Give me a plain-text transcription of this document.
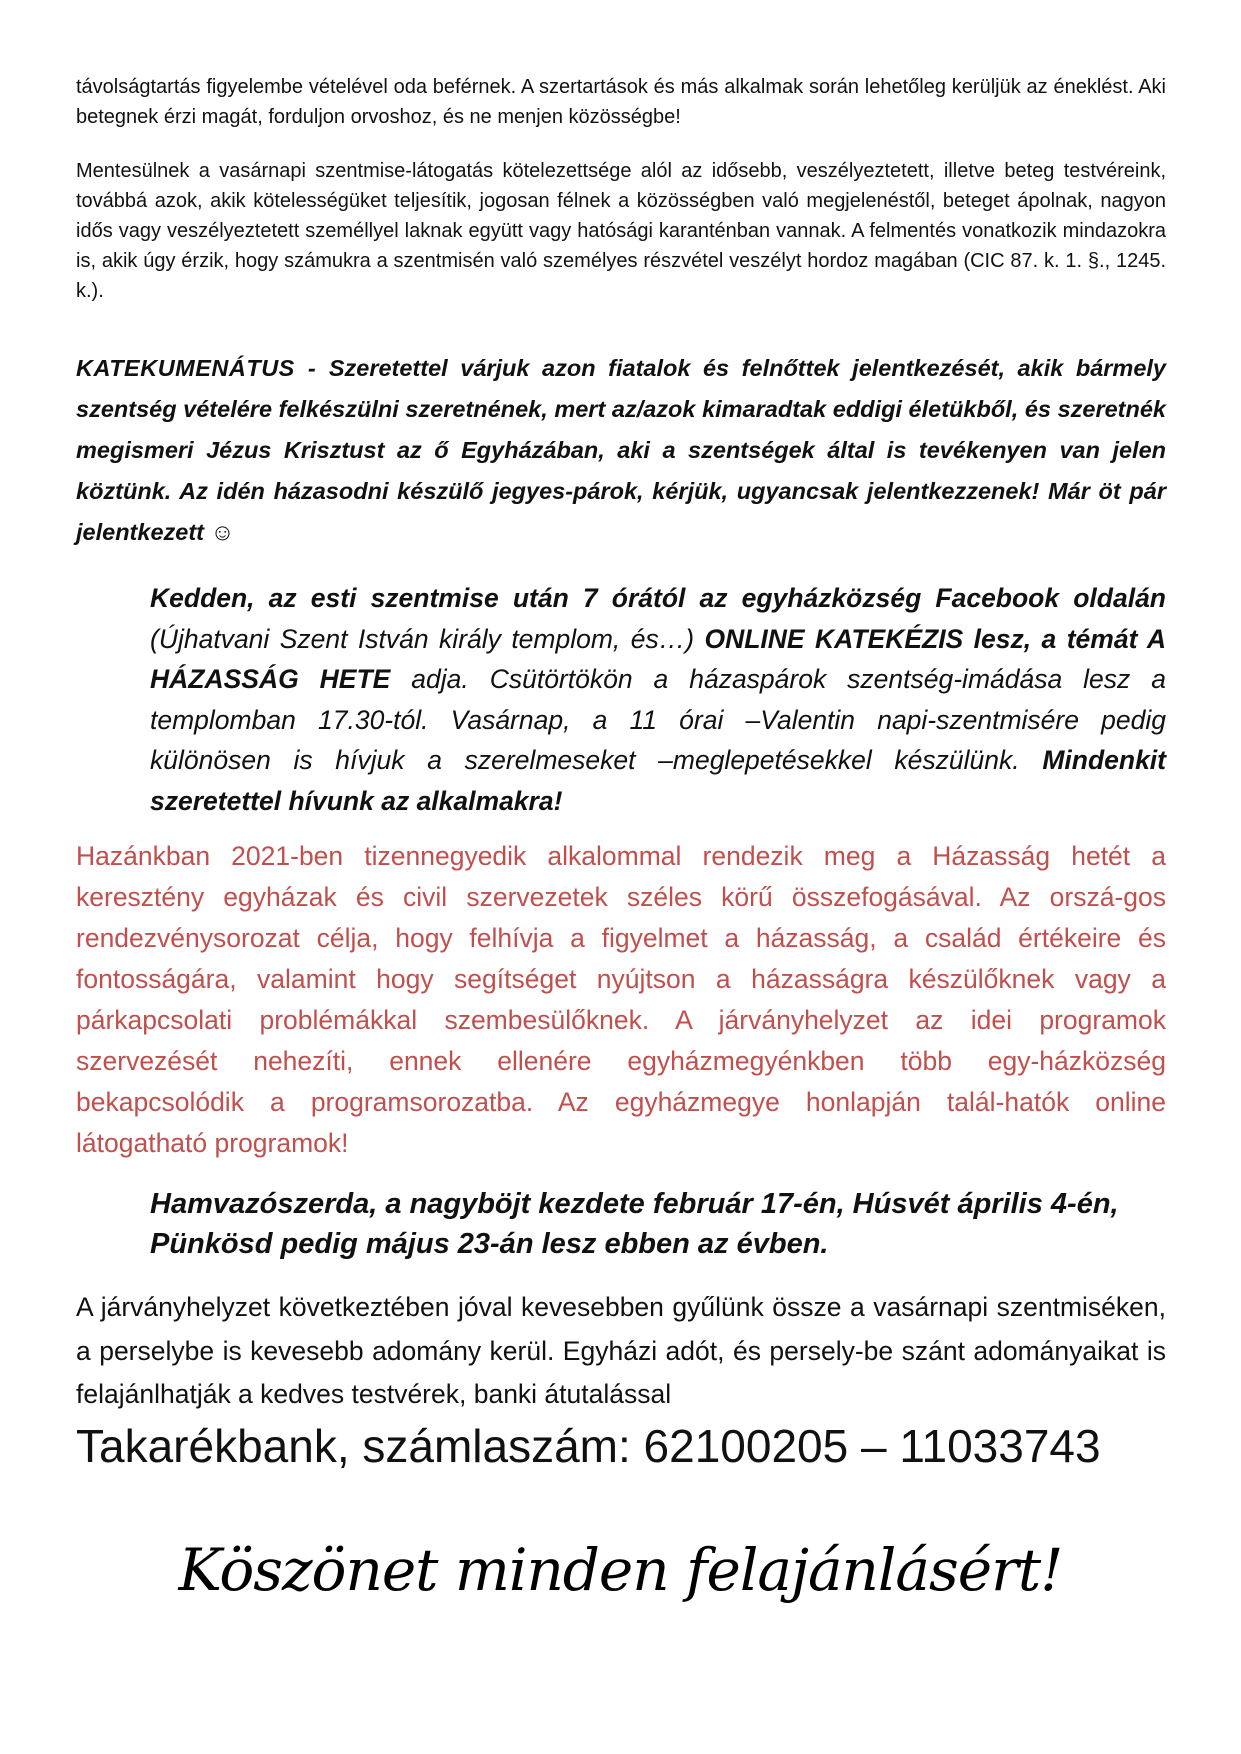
távolságtartás figyelembe vételével oda beférnek. A szertartások és más alkalmak során lehetőleg kerüljük az éneklést. Aki betegnek érzi magát, forduljon orvoshoz, és ne menjen közösségbe!

Mentesülnek a vasárnapi szentmise-látogatás kötelezettsége alól az idősebb, veszélyeztetett, illetve beteg testvéreink, továbbá azok, akik kötelességüket teljesítik, jogosan félnek a közösségben való megjelenéstől, beteget ápolnak, nagyon idős vagy veszélyeztetett személlyel laknak együtt vagy hatósági karanténban vannak. A felmentés vonatkozik mindazokra is, akik úgy érzik, hogy számukra a szentmisén való személyes részvétel veszélyt hordoz magában (CIC 87. k. 1. §., 1245. k.).

KATEKUMENÁTUS - Szeretettel várjuk azon fiatalok és felnőttek jelentkezését, akik bármely szentség vételére felkészülni szeretnének, mert az/azok kimaradtak eddigi életükből, és szeretnék megismeri Jézus Krisztust az ő Egyházában, aki a szentségek által is tevékenyen van jelen köztünk. Az idén házasodni készülő jegyes-párok, kérjük, ugyancsak jelentkezzenek! Már öt pár jelentkezett ☺

Kedden, az esti szentmise után 7 órától az egyházközség Facebook oldalán (Újhatvani Szent István király templom, és…) ONLINE KATEKÉZIS lesz, a témát A HÁZASSÁG HETE adja. Csütörtökön a házaspárok szentség-imádása lesz a templomban 17.30-tól. Vasárnap, a 11 órai –Valentin napi-szentmisére pedig különösen is hívjuk a szerelmeseket –meglepetésekkel készülünk. Mindenkit szeretettel hívunk az alkalmakra!

Hazánkban 2021-ben tizennegyedik alkalommal rendezik meg a Házasság hetét a keresztény egyházak és civil szervezetek széles körű összefogásával. Az orszá-gos rendezvénysorozat célja, hogy felhívja a figyelmet a házasság, a család értékeire és fontosságára, valamint hogy segítséget nyújtson a házasságra készülőknek vagy a párkapcsolati problémákkal szembesülőknek. A járványhelyzet az idei programok szervezését nehezíti, ennek ellenére egyházmegyénkben több egy-házközség bekapcsolódik a programsorozatba. Az egyházmegye honlapján talál-hatók online látogatható programok!

Hamvazószerda, a nagyböjt kezdete február 17-én, Húsvét április 4-én, Pünkösd pedig május 23-án lesz ebben az évben.

A járványhelyzet következtében jóval kevesebben gyűlünk össze a vasárnapi szentmiséken, a perselybe is kevesebb adomány kerül. Egyházi adót, és persely-be szánt adományaikat is felajánlhatják a kedves testvérek, banki átutalással

Takarékbank, számlaszám: 62100205 – 11033743

Köszönet minden felajánlásért!
